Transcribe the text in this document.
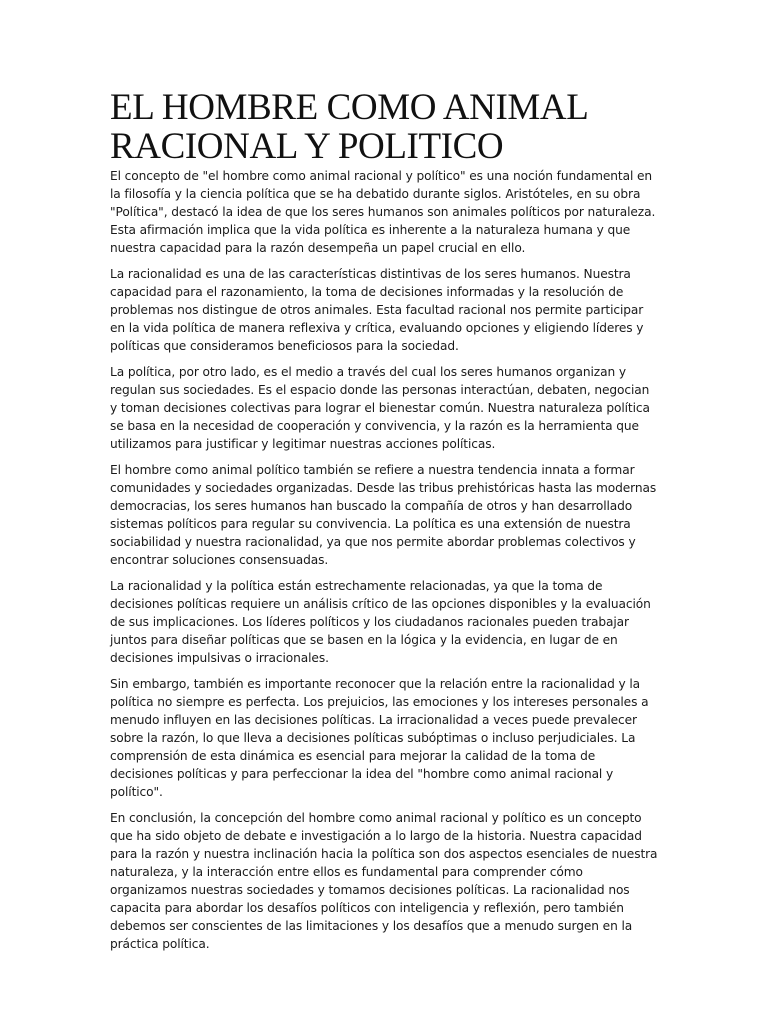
EL HOMBRE COMO ANIMAL
RACIONAL Y POLITICO

El concepto de "el hombre como animal racional y político" es una noción fundamental en la filosofía y la ciencia política que se ha debatido durante siglos. Aristóteles, en su obra "Política", destacó la idea de que los seres humanos son animales políticos por naturaleza. Esta afirmación implica que la vida política es inherente a la naturaleza humana y que nuestra capacidad para la razón desempeña un papel crucial en ello.

La racionalidad es una de las características distintivas de los seres humanos. Nuestra capacidad para el razonamiento, la toma de decisiones informadas y la resolución de problemas nos distingue de otros animales. Esta facultad racional nos permite participar en la vida política de manera reflexiva y crítica, evaluando opciones y eligiendo líderes y políticas que consideramos beneficiosos para la sociedad.

La política, por otro lado, es el medio a través del cual los seres humanos organizan y regulan sus sociedades. Es el espacio donde las personas interactúan, debaten, negocian y toman decisiones colectivas para lograr el bienestar común. Nuestra naturaleza política se basa en la necesidad de cooperación y convivencia, y la razón es la herramienta que utilizamos para justificar y legitimar nuestras acciones políticas.

El hombre como animal político también se refiere a nuestra tendencia innata a formar comunidades y sociedades organizadas. Desde las tribus prehistóricas hasta las modernas democracias, los seres humanos han buscado la compañía de otros y han desarrollado sistemas políticos para regular su convivencia. La política es una extensión de nuestra sociabilidad y nuestra racionalidad, ya que nos permite abordar problemas colectivos y encontrar soluciones consensuadas.

La racionalidad y la política están estrechamente relacionadas, ya que la toma de decisiones políticas requiere un análisis crítico de las opciones disponibles y la evaluación de sus implicaciones. Los líderes políticos y los ciudadanos racionales pueden trabajar juntos para diseñar políticas que se basen en la lógica y la evidencia, en lugar de en decisiones impulsivas o irracionales.

Sin embargo, también es importante reconocer que la relación entre la racionalidad y la política no siempre es perfecta. Los prejuicios, las emociones y los intereses personales a menudo influyen en las decisiones políticas. La irracionalidad a veces puede prevalecer sobre la razón, lo que lleva a decisiones políticas subóptimas o incluso perjudiciales. La comprensión de esta dinámica es esencial para mejorar la calidad de la toma de decisiones políticas y para perfeccionar la idea del "hombre como animal racional y político".

En conclusión, la concepción del hombre como animal racional y político es un concepto que ha sido objeto de debate e investigación a lo largo de la historia. Nuestra capacidad para la razón y nuestra inclinación hacia la política son dos aspectos esenciales de nuestra naturaleza, y la interacción entre ellos es fundamental para comprender cómo organizamos nuestras sociedades y tomamos decisiones políticas. La racionalidad nos capacita para abordar los desafíos políticos con inteligencia y reflexión, pero también debemos ser conscientes de las limitaciones y los desafíos que a menudo surgen en la práctica política.
